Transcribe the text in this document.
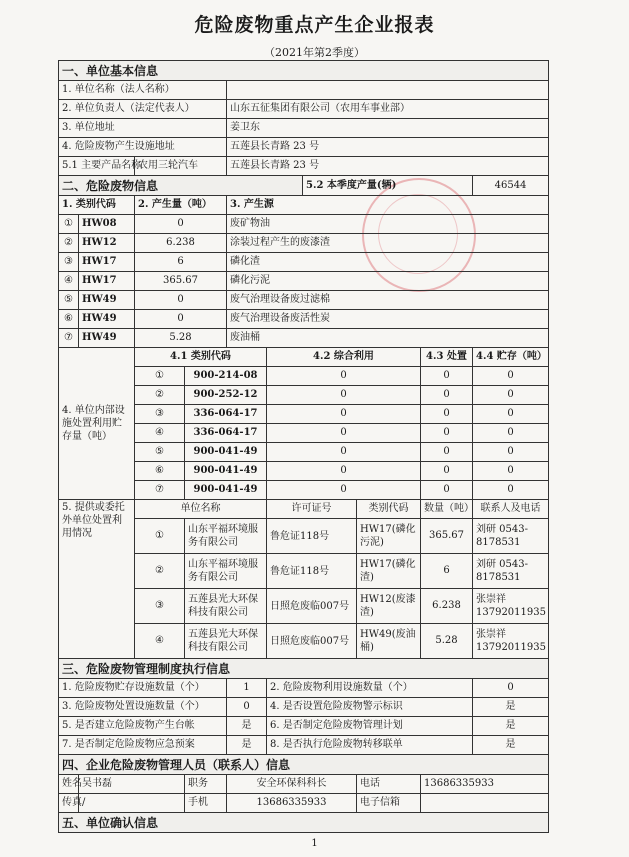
危险废物重点产生企业报表
（2021年第2季度）
一、单位基本信息									
1. 单位名称（法人名称）									
2. 单位负责人（法定代表人）				山东五征集团有限公司（农用车事业部）					
3. 单位地址				姜卫东					
4. 危险废物产生设施地址				五莲县长青路 23 号					
5.1 主要产品名称		农用三轮汽车		五莲县长青路 23 号					
二、危险废物信息						5.2 本季度产量(辆)			46544
1. 类别代码		2. 产生量（吨）		3. 产生源					
①	HW08	0		废矿物油					
②	HW12	6.238		涂装过程产生的废漆渣					
③	HW17	6		磷化渣					
④	HW17	365.67		磷化污泥					
⑤	HW49	0		废气治理设备废过滤棉					
⑥	HW49	0		废气治理设备废活性炭					
⑦	HW49	5.28		废油桶					
4. 单位内部设施处置利用贮存量（吨）		4.1 类别代码			4.2 综合利用			4.3 处置	4.4 贮存（吨）
		①	900-214-08		0			0	0
		②	900-252-12		0			0	0
		③	336-064-17		0			0	0
		④	336-064-17		0			0	0
		⑤	900-041-49		0			0	0
		⑥	900-041-49		0			0	0
		⑦	900-041-49		0			0	0
5. 提供或委托外单位处置利用情况		单位名称			许可证号		类别代码	数量（吨）	联系人及电话
		①	山东平福环境服务有限公司		鲁危证118号		HW17(磷化污泥)	365.67	刘研 0543-8178531
		②	山东平福环境服务有限公司		鲁危证118号		HW17(磷化渣)	6	刘研 0543-8178531
		③	五莲县光大环保科技有限公司		日照危废临007号		HW12(废漆渣)	6.238	张崇祥 13792011935
		④	五莲县光大环保科技有限公司		日照危废临007号		HW49(废油桶)	5.28	张崇祥 13792011935
三、危险废物管理制度执行信息									
1. 危险废物贮存设施数量（个）				1	2. 危险废物利用设施数量（个）				0
3. 危险废物处置设施数量（个）				0	4. 是否设置危险废物警示标识				是
5. 是否建立危险废物产生台帐				是	6. 是否制定危险废物管理计划				是
7. 是否制定危险废物应急预案				是	8. 是否执行危险废物转移联单				是
四、企业危险废物管理人员（联系人）信息									
姓名	吴书磊		职务	安全环保科科长			电话	13686335933	
传真	/		手机	13686335933			电子信箱		
五、单位确认信息									
1
